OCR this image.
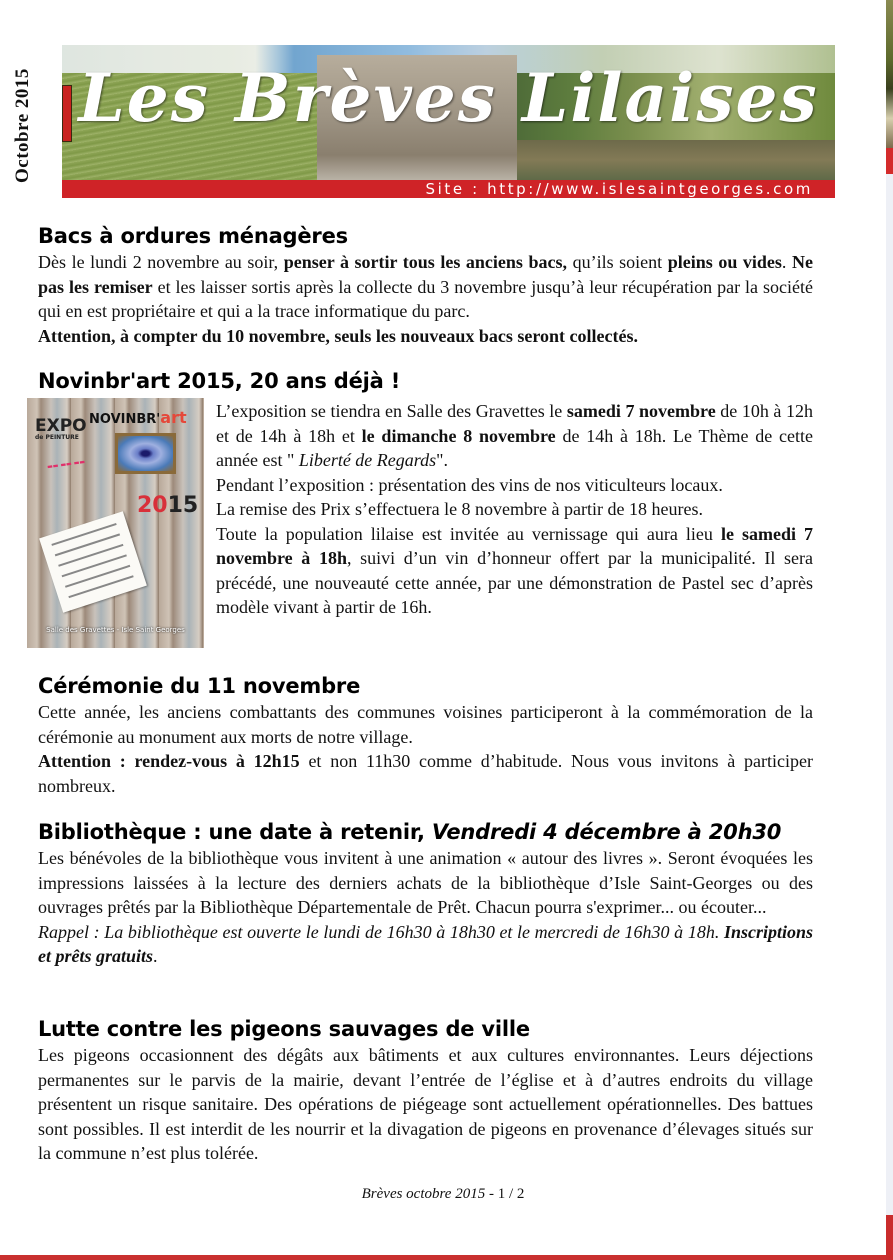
Octobre 2015 Les Brèves Lilaises
Site : http://www.islesaintgeorges.com
Bacs à ordures ménagères

Dès le lundi 2 novembre au soir, penser à sortir tous les anciens bacs, qu’ils soient pleins ou vides. Ne pas les remiser et les laisser sortis après la collecte du 3 novembre jusqu’à leur récupération par la société qui en est propriétaire et qui a la trace informatique du parc.

Attention, à compter du 10 novembre, seuls les nouveaux bacs seront collectés.

Novinbr'art 2015, 20 ans déjà !
EXPO
de PEINTURE
NOVINBR'art
▬▬ ▬▬ ▬▬
2015
Salle des Gravettes - Isle Saint Georges

L’exposition se tiendra en Salle des Gravettes le samedi 7 novembre de 10h à 12h et de 14h à 18h et le dimanche 8 novembre de 14h à 18h. Le Thème de cette année est " Liberté de Regards".

Pendant l’exposition : présentation des vins de nos viticulteurs locaux.

La remise des Prix s’effectuera le 8 novembre à partir de 18 heures.

Toute la population lilaise est invitée au vernissage qui aura lieu le samedi 7 novembre à 18h, suivi d’un vin d’honneur offert par la municipalité. Il sera précédé, une nouveauté cette année, par une démonstration de Pastel sec d’après modèle vivant à partir de 16h.

Cérémonie du 11 novembre

Cette année, les anciens combattants des communes voisines participeront à la commémoration de la cérémonie au monument aux morts de notre village.

Attention : rendez-vous à 12h15 et non 11h30 comme d’habitude. Nous vous invitons à participer nombreux.

Bibliothèque : une date à retenir, Vendredi 4 décembre à 20h30

Les bénévoles de la bibliothèque vous invitent à une animation « autour des livres ». Seront évoquées les impressions laissées à la lecture des derniers achats de la bibliothèque d’Isle Saint-Georges ou des ouvrages prêtés par la Bibliothèque Départementale de Prêt. Chacun pourra s'exprimer... ou écouter...

Rappel : La bibliothèque est ouverte le lundi de 16h30 à 18h30 et le mercredi de 16h30 à 18h. Inscriptions et prêts gratuits.

Lutte contre les pigeons sauvages de ville

Les pigeons occasionnent des dégâts aux bâtiments et aux cultures environnantes. Leurs déjections permanentes sur le parvis de la mairie, devant l’entrée de l’église et à d’autres endroits du village présentent un risque sanitaire. Des opérations de piégeage sont actuellement opérationnelles. Des battues sont possibles. Il est interdit de les nourrir et la divagation de pigeons en provenance d’élevages situés sur la commune n’est plus tolérée.

Brèves octobre 2015 - 1 / 2
